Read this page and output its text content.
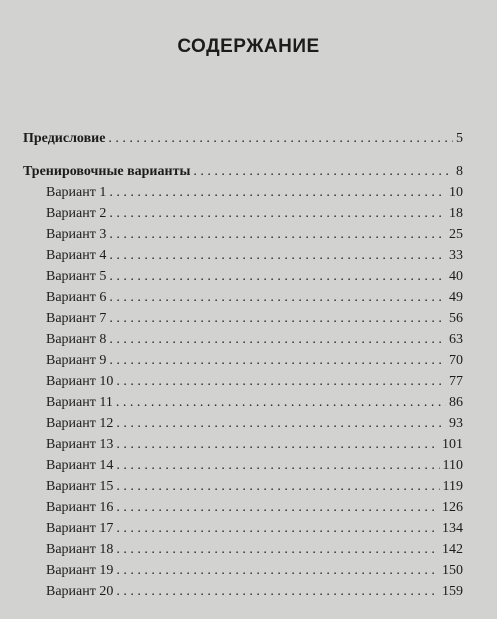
СОДЕРЖАНИЕ
Предисловие . . .	5
Тренировочные варианты . . .	8
Вариант 1 . . .	10
Вариант 2 . . .	18
Вариант 3 . . .	25
Вариант 4 . . .	33
Вариант 5 . . .	40
Вариант 6 . . .	49
Вариант 7 . . .	56
Вариант 8 . . .	63
Вариант 9 . . .	70
Вариант 10 . . .	77
Вариант 11 . . .	86
Вариант 12 . . .	93
Вариант 13 . . .	101
Вариант 14 . . .	110
Вариант 15 . . .	119
Вариант 16 . . .	126
Вариант 17 . . .	134
Вариант 18 . . .	142
Вариант 19 . . .	150
Вариант 20 . . .	159
